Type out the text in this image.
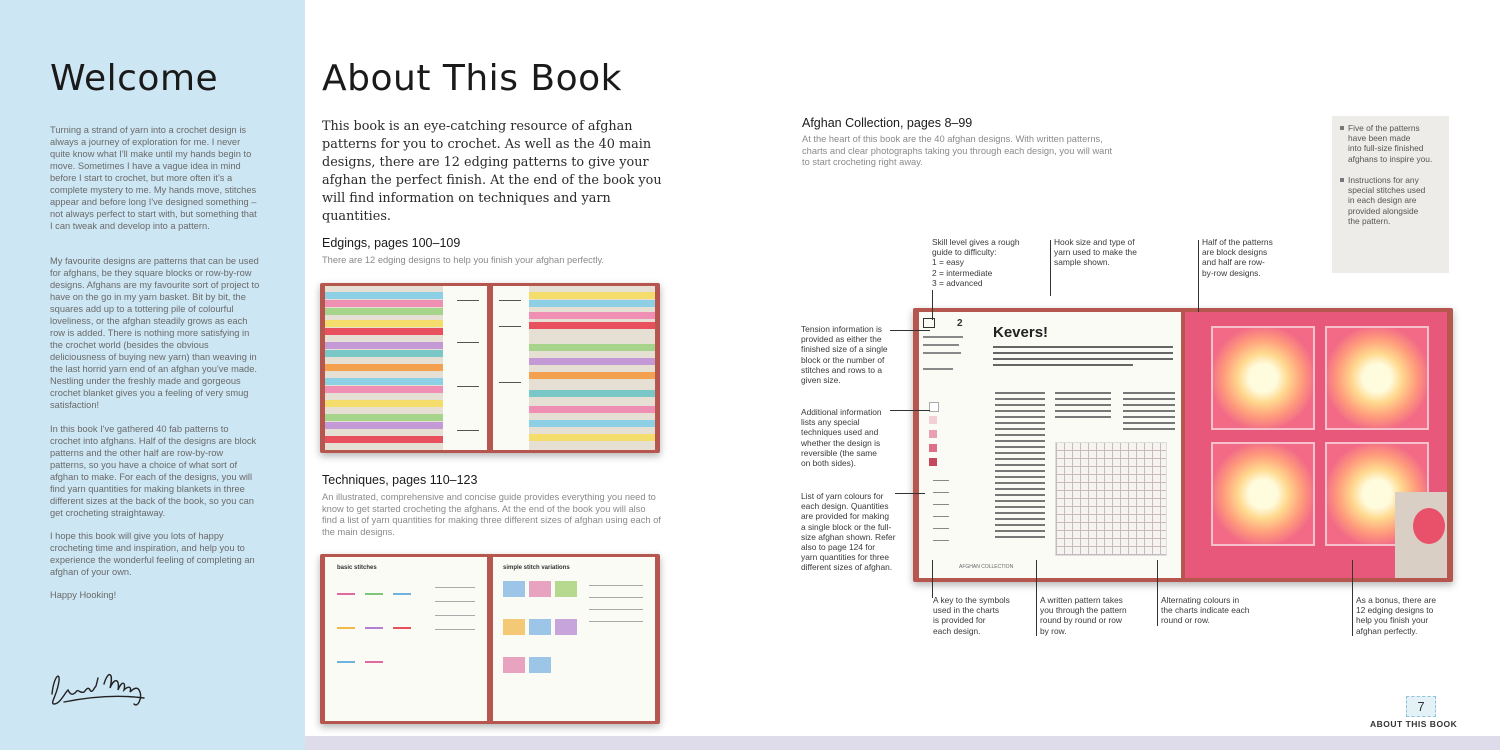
Welcome

Turning a strand of yarn into a crochet design is always a journey of exploration for me. I never quite know what I'll make until my hands begin to move. Sometimes I have a vague idea in mind before I start to crochet, but more often it's a complete mystery to me. My hands move, stitches appear and before long I've designed something – not always perfect to start with, but something that I can tweak and develop into a pattern.

My favourite designs are patterns that can be used for afghans, be they square blocks or row-by-row designs. Afghans are my favourite sort of project to have on the go in my yarn basket. Bit by bit, the squares add up to a tottering pile of colourful loveliness, or the afghan steadily grows as each row is added. There is nothing more satisfying in the crochet world (besides the obvious deliciousness of buying new yarn) than weaving in the last horrid yarn end of an afghan you've made. Nestling under the freshly made and gorgeous crochet blanket gives you a feeling of very smug satisfaction!

In this book I've gathered 40 fab patterns to crochet into afghans. Half of the designs are block patterns and the other half are row-by-row patterns, so you have a choice of what sort of afghan to make. For each of the designs, you will find yarn quantities for making blankets in three different sizes at the back of the book, so you can get crocheting straightaway.

I hope this book will give you lots of happy crocheting time and inspiration, and help you to experience the wonderful feeling of completing an afghan of your own.

Happy Hooking!

About This Book

This book is an eye-catching resource of afghan patterns for you to crochet. As well as the 40 main designs, there are 12 edging patterns to give your afghan the perfect finish. At the end of the book you will find information on techniques and yarn quantities.

Edgings, pages 100–109

There are 12 edging designs to help you finish your afghan perfectly.

Techniques, pages 110–123

An illustrated, comprehensive and concise guide provides everything you need to know to get started crocheting the afghans. At the end of the book you will also find a list of yarn quantities for making three different sizes of afghan using each of the main designs.

basic stitches	simple stitch variations
Afghan Collection, pages 8–99

At the heart of this book are the 40 afghan designs. With written patterns, charts and clear photographs taking you through each design, you will want to start crocheting right away.

Five of the patterns

have been made

into full-size finished

afghans to inspire you.

Instructions for any

special stitches used

in each design are

provided alongside

the pattern.

2
Kevers!
AFGHAN COLLECTION

Skill level gives a rough

guide to difficulty:

1 = easy

2 = intermediate

3 = advanced

Hook size and type of

yarn used to make the

sample shown.

Half of the patterns

are block designs

and half are row-

by-row designs.

Tension information is

provided as either the

finished size of a single

block or the number of

stitches and rows to a

given size.

Additional information

lists any special

techniques used and

whether the design is

reversible (the same

on both sides).

List of yarn colours for

each design. Quantities

are provided for making

a single block or the full-

size afghan shown. Refer

also to page 124 for

yarn quantities for three

different sizes of afghan.

A key to the symbols

used in the charts

is provided for

each design.

A written pattern takes

you through the pattern

round by round or row

by row.

Alternating colours in

the charts indicate each

round or row.

As a bonus, there are

12 edging designs to

help you finish your

afghan perfectly.

7
ABOUT THIS BOOK
